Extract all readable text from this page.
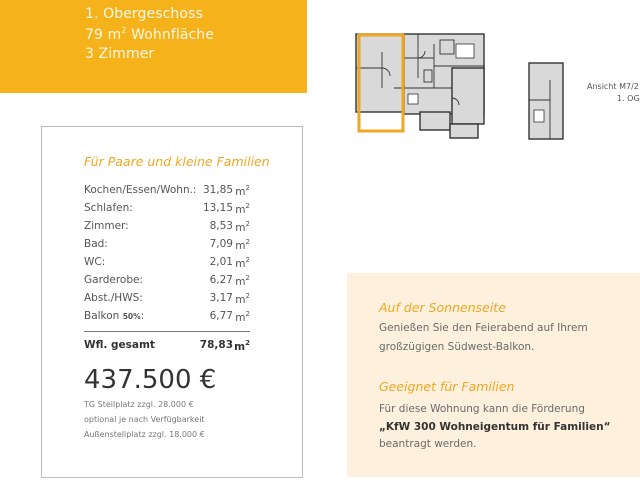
1. Obergeschoss
79 $m^2$ Wohnfläche
3 Zimmer
Ansicht M7/2
1. OG
Für Paare und kleine Familien
Kochen/Essen/Wohn.: 31,85 $m^2$
Schlafen:	13,15 $m^2$
Zimmer:	8,53 $m^2$
Bad:	7,09 $m^2$
WC:	2,01 $m^2$
Garderobe:	6,27 $m^2$
Abst./HWS:	3,17 $m^2$
Balkon 50%:	6,77 $m^2$
Wfl. gesamt	78,83 $m^2$
437.500 €
TG Stellplatz zzgl. 28.000 €
optional je nach Verfügbarkeit
Außenstellplatz zzgl. 18.000 €
Auf der Sonnenseite
Genießen Sie den Feierabend auf Ihrem
großzügigen Südwest-Balkon.
Geeignet für Familien
Für diese Wohnung kann die Förderung
„KfW 300 Wohneigentum für Familien“
beantragt werden.
